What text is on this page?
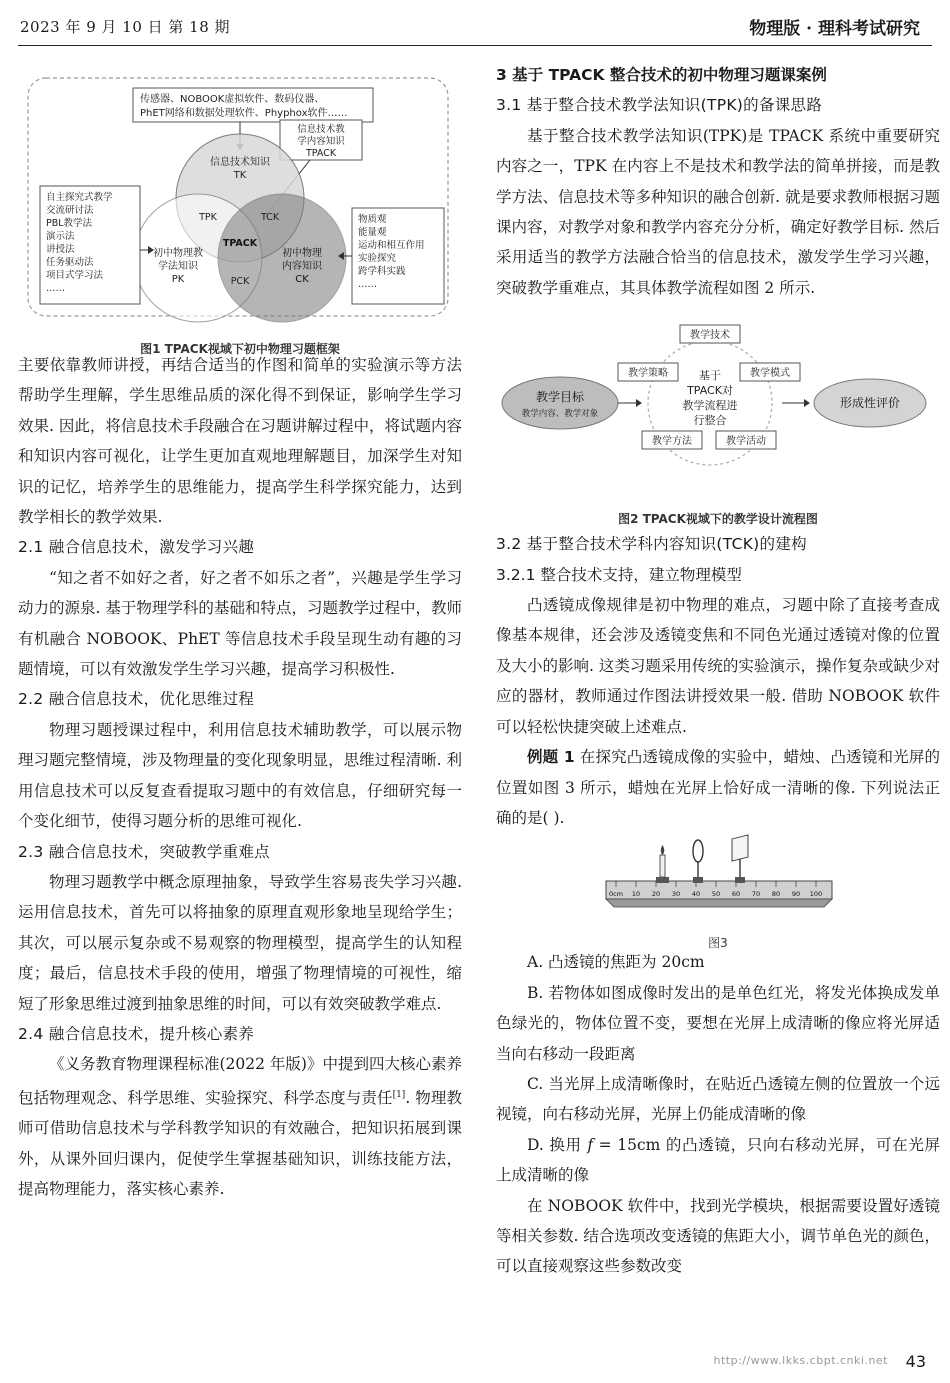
2023 年 9 月 10 日 第 18 期	物理版 · 理科考试研究
传感器、NOBOOK虚拟软件、数码仪器、
PhET网络和数据处理软件、Phyphox软件……
信息技术教
学内容知识
TPACK
信息技术知识
TK
初中物理教
学法知识
PK
初中物理
内容知识
CK
TPK	TCK
TPACK
PCK
自主探究式教学
交流研讨法
PBL教学法
演示法
讲授法
任务驱动法
项目式学习法
……
物质观
能量观
运动和相互作用
实验探究
跨学科实践
……
图1 TPACK视域下初中物理习题框架

主要依靠教师讲授，再结合适当的作图和简单的实验演示等方法帮助学生理解，学生思维品质的深化得不到保证，影响学生学习效果. 因此，将信息技术手段融合在习题讲解过程中，将试题内容和知识内容可视化，让学生更加直观地理解题目，加深学生对知识的记忆，培养学生的思维能力，提高学生科学探究能力，达到教学相长的教学效果.

2.1 融合信息技术，激发学习兴趣

“知之者不如好之者，好之者不如乐之者”，兴趣是学生学习动力的源泉. 基于物理学科的基础和特点，习题教学过程中，教师有机融合 NOBOOK、PhET 等信息技术手段呈现生动有趣的习题情境，可以有效激发学生学习兴趣，提高学习积极性.

2.2 融合信息技术，优化思维过程

物理习题授课过程中，利用信息技术辅助教学，可以展示物理习题完整情境，涉及物理量的变化现象明显，思维过程清晰. 利用信息技术可以反复查看提取习题中的有效信息，仔细研究每一个变化细节，使得习题分析的思维可视化.

2.3 融合信息技术，突破教学重难点

物理习题教学中概念原理抽象，导致学生容易丧失学习兴趣. 运用信息技术，首先可以将抽象的原理直观形象地呈现给学生；其次，可以展示复杂或不易观察的物理模型，提高学生的认知程度；最后，信息技术手段的使用，增强了物理情境的可视性，缩短了形象思维过渡到抽象思维的时间，可以有效突破教学难点.

2.4 融合信息技术，提升核心素养

《义务教育物理课程标准(2022 年版)》中提到四大核心素养包括物理观念、科学思维、实验探究、科学态度与责任[1]. 物理教师可借助信息技术与学科教学知识的有效融合，把知识拓展到课外，从课外回归课内，促使学生掌握基础知识，训练技能方法，提高物理能力，落实核心素养.

3 基于 TPACK 整合技术的初中物理习题课案例
3.1 基于整合技术教学法知识(TPK)的备课思路

基于整合技术教学法知识(TPK)是 TPACK 系统中重要研究内容之一，TPK 在内容上不是技术和教学法的简单拼接，而是教学方法、信息技术等多种知识的融合创新. 就是要求教师根据习题课内容，对教学对象和教学内容充分分析，确定好教学目标. 然后采用适当的教学方法融合恰当的信息技术，激发学生学习兴趣，突破教学重难点，其具体教学流程如图 2 所示.

教学目标
教学内容、教学对象
教学技术
教学策略	教学模式
教学方法	教学活动
基于
TPACK对
教学流程进
行整合
形成性评价
图2 TPACK视域下的教学设计流程图
3.2 基于整合技术学科内容知识(TCK)的建构
3.2.1 整合技术支持，建立物理模型

凸透镜成像规律是初中物理的难点，习题中除了直接考查成像基本规律，还会涉及透镜变焦和不同色光通过透镜对像的位置及大小的影响. 这类习题采用传统的实验演示，操作复杂或缺少对应的器材，教师通过作图法讲授效果一般. 借助 NOBOOK 软件可以轻松快捷突破上述难点.

例题 1 在探究凸透镜成像的实验中，蜡烛、凸透镜和光屏的位置如图 3 所示，蜡烛在光屏上恰好成一清晰的像. 下列说法正确的是( ).

0cm 10 20 30 40 50 60 70 80 90 100
图3

A. 凸透镜的焦距为 20cm

B. 若物体如图成像时发出的是单色红光，将发光体换成发单色绿光的，物体位置不变，要想在光屏上成清晰的像应将光屏适当向右移动一段距离

C. 当光屏上成清晰像时，在贴近凸透镜左侧的位置放一个远视镜，向右移动光屏，光屏上仍能成清晰的像

D. 换用 f = 15cm 的凸透镜，只向右移动光屏，可在光屏上成清晰的像

在 NOBOOK 软件中，找到光学模块，根据需要设置好透镜等相关参数. 结合选项改变透镜的焦距大小，调节单色光的颜色，可以直接观察这些参数改变

http://www.lkks.cbpt.cnki.net 43
